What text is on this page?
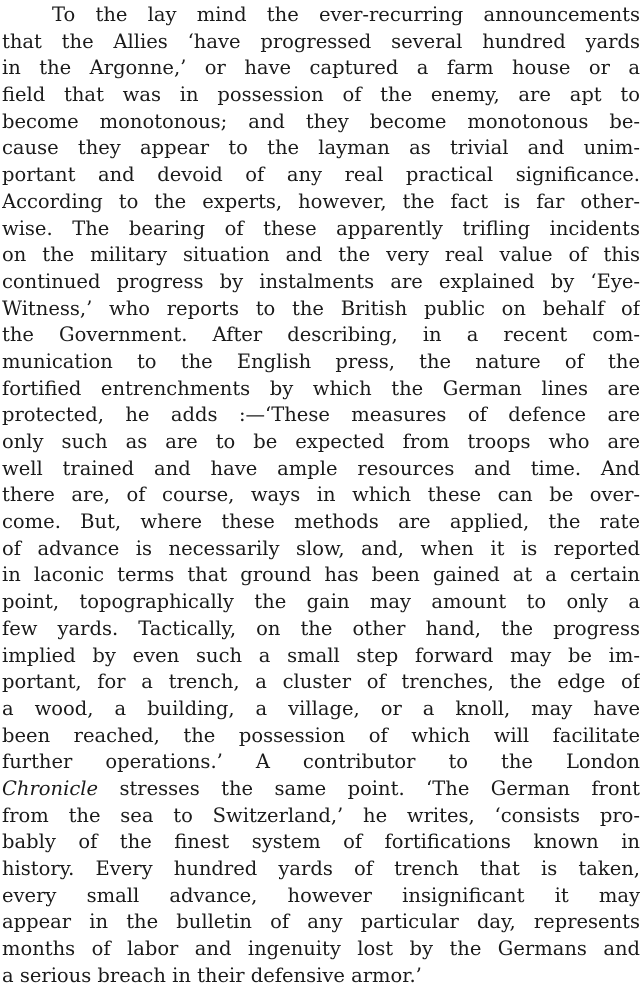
To the lay mind the ever-recurring announcements
that the Allies ‘have progressed several hundred yards
in the Argonne,’ or have captured a farm house or a
field that was in possession of the enemy, are apt to
become monotonous; and they become monotonous be-
cause they appear to the layman as trivial and unim-
portant and devoid of any real practical significance.
According to the experts, however, the fact is far other-
wise. The bearing of these apparently trifling incidents
on the military situation and the very real value of this
continued progress by instalments are explained by ‘Eye-
Witness,’ who reports to the British public on behalf of
the Government. After describing, in a recent com-
munication to the English press, the nature of the
fortified entrenchments by which the German lines are
protected, he adds :—‘These measures of defence are
only such as are to be expected from troops who are
well trained and have ample resources and time. And
there are, of course, ways in which these can be over-
come. But, where these methods are applied, the rate
of advance is necessarily slow, and, when it is reported
in laconic terms that ground has been gained at a certain
point, topographically the gain may amount to only a
few yards. Tactically, on the other hand, the progress
implied by even such a small step forward may be im-
portant, for a trench, a cluster of trenches, the edge of
a wood, a building, a village, or a knoll, may have
been reached, the possession of which will facilitate
further operations.’ A contributor to the London
Chronicle stresses the same point. ‘The German front
from the sea to Switzerland,’ he writes, ‘consists pro-
bably of the finest system of fortifications known in
history. Every hundred yards of trench that is taken,
every small advance, however insignificant it may
appear in the bulletin of any particular day, represents
months of labor and ingenuity lost by the Germans and
a serious breach in their defensive armor.’
